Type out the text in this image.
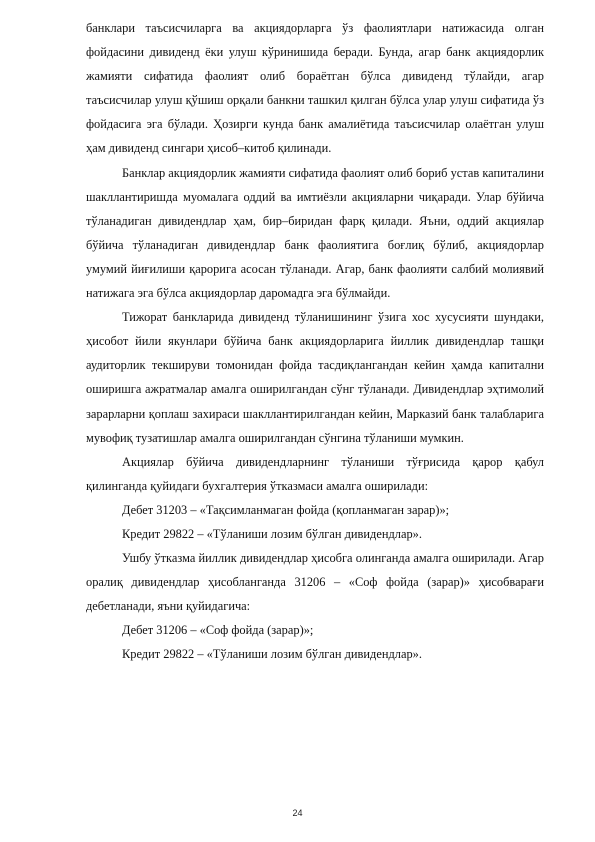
банклари таъсисчиларга ва акциядорларга ўз фаолиятлари натижасида олган фойдасини дивиденд ёки улуш кўринишида беради. Бунда, агар банк акциядорлик жамияти сифатида фаолият олиб бораётган бўлса дивиденд тўлайди, агар таъсисчилар улуш қўшиш орқали банкни ташкил қилган бўлса улар улуш сифатида ўз фойдасига эга бўлади. Ҳозирги кунда банк амалиётида таъсисчилар олаётган улуш ҳам дивиденд сингари ҳисоб–китоб қилинади.

Банклар акциядорлик жамияти сифатида фаолият олиб бориб устав капиталини шакллантиришда муомалага оддий ва имтиёзли акцияларни чиқаради. Улар бўйича тўланадиган дивидендлар ҳам, бир–биридан фарқ қилади. Яъни, оддий акциялар бўйича тўланадиган дивидендлар банк фаолиятига боғлиқ бўлиб, акциядорлар умумий йиғилиши қарорига асосан тўланади. Агар, банк фаолияти салбий молиявий натижага эга бўлса акциядорлар даромадга эга бўлмайди.

Тижорат банкларида дивиденд тўланишининг ўзига хос хусусияти шундаки, ҳисобот йили якунлари бўйича банк акциядорларига йиллик дивидендлар ташқи аудиторлик текшируви томонидан фойда тасдиқлангандан кейин ҳамда капитални оширишга ажратмалар амалга оширилгандан сўнг тўланади. Дивидендлар эҳтимолий зарарларни қоплаш захираси шакллантирилгандан кейин, Марказий банк талабларига мувофиқ тузатишлар амалга оширилгандан сўнгина тўланиши мумкин.

Акциялар бўйича дивидендларнинг тўланиши тўғрисида қарор қабул қилинганда қуйидаги бухгалтерия ўтказмаси амалга оширилади:

Дебет 31203 – «Тақсимланмаган фойда (қопланмаган зарар)»;

Кредит 29822 – «Тўланиши лозим бўлган дивидендлар».

Ушбу ўтказма йиллик дивидендлар ҳисобга олинганда амалга оширилади. Агар оралиқ дивидендлар ҳисобланганда 31206 – «Соф фойда (зарар)» ҳисобварағи дебетланади, яъни қуйидагича:

Дебет 31206 – «Соф фойда (зарар)»;

Кредит 29822 – «Тўланиши лозим бўлган дивидендлар».

24
